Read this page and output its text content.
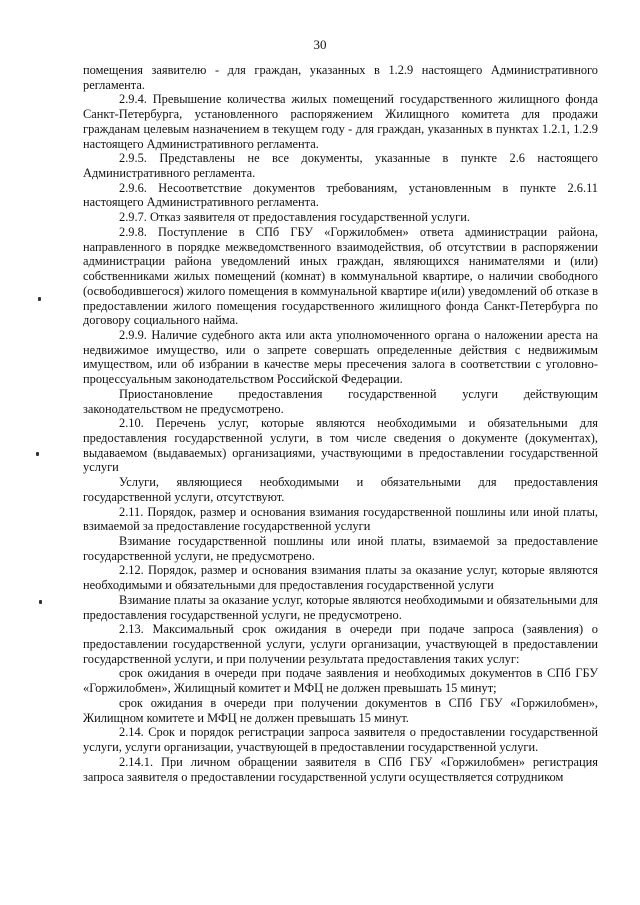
30

помещения заявителю - для граждан, указанных в 1.2.9 настоящего Административного регламента.

2.9.4. Превышение количества жилых помещений государственного жилищного фонда Санкт-Петербурга, установленного распоряжением Жилищного комитета для продажи гражданам целевым назначением в текущем году - для граждан, указанных в пунктах 1.2.1, 1.2.9 настоящего Административного регламента.

2.9.5. Представлены не все документы, указанные в пункте 2.6 настоящего Административного регламента.

2.9.6. Несоответствие документов требованиям, установленным в пункте 2.6.11 настоящего Административного регламента.

2.9.7. Отказ заявителя от предоставления государственной услуги.

2.9.8. Поступление в СПб ГБУ «Горжилобмен» ответа администрации района, направленного в порядке межведомственного взаимодействия, об отсутствии в распоряжении администрации района уведомлений иных граждан, являющихся нанимателями и (или) собственниками жилых помещений (комнат) в коммунальной квартире, о наличии свободного (освободившегося) жилого помещения в коммунальной квартире и(или) уведомлений об отказе в предоставлении жилого помещения государственного жилищного фонда Санкт-Петербурга по договору социального найма.

2.9.9. Наличие судебного акта или акта уполномоченного органа о наложении ареста на недвижимое имущество, или о запрете совершать определенные действия с недвижимым имуществом, или об избрании в качестве меры пресечения залога в соответствии с уголовно-процессуальным законодательством Российской Федерации.

Приостановление предоставления государственной услуги действующим законодательством не предусмотрено.

2.10. Перечень услуг, которые являются необходимыми и обязательными для предоставления государственной услуги, в том числе сведения о документе (документах), выдаваемом (выдаваемых) организациями, участвующими в предоставлении государственной услуги

Услуги, являющиеся необходимыми и обязательными для предоставления государственной услуги, отсутствуют.

2.11. Порядок, размер и основания взимания государственной пошлины или иной платы, взимаемой за предоставление государственной услуги

Взимание государственной пошлины или иной платы, взимаемой за предоставление государственной услуги, не предусмотрено.

2.12. Порядок, размер и основания взимания платы за оказание услуг, которые являются необходимыми и обязательными для предоставления государственной услуги

Взимание платы за оказание услуг, которые являются необходимыми и обязательными для предоставления государственной услуги, не предусмотрено.

2.13. Максимальный срок ожидания в очереди при подаче запроса (заявления) о предоставлении государственной услуги, услуги организации, участвующей в предоставлении государственной услуги, и при получении результата предоставления таких услуг:

срок ожидания в очереди при подаче заявления и необходимых документов в СПб ГБУ «Горжилобмен», Жилищный комитет и МФЦ не должен превышать 15 минут;

срок ожидания в очереди при получении документов в СПб ГБУ «Горжилобмен», Жилищном комитете и МФЦ не должен превышать 15 минут.

2.14. Срок и порядок регистрации запроса заявителя о предоставлении государственной услуги, услуги организации, участвующей в предоставлении государственной услуги.

2.14.1. При личном обращении заявителя в СПб ГБУ «Горжилобмен» регистрация запроса заявителя о предоставлении государственной услуги осуществляется сотрудником
